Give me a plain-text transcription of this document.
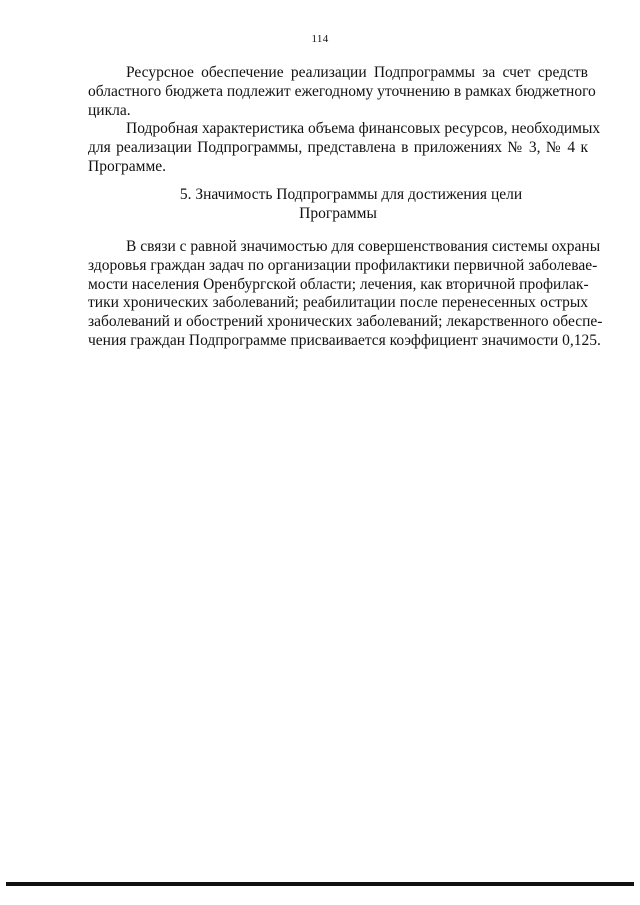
114
Ресурсное обеспечение реализации Подпрограммы за счет средств
областного бюджета подлежит ежегодному уточнению в рамках бюджетного
цикла.
Подробная характеристика объема финансовых ресурсов, необходимых
для реализации Подпрограммы, представлена в приложениях № 3, № 4 к
Программе.
5. Значимость Подпрограммы для достижения цели
Программы
В связи с равной значимостью для совершенствования системы охраны
здоровья граждан задач по организации профилактики первичной заболевае-
мости населения Оренбургской области; лечения, как вторичной профилак-
тики хронических заболеваний; реабилитации после перенесенных острых
заболеваний и обострений хронических заболеваний; лекарственного обеспе-
чения граждан Подпрограмме присваивается коэффициент значимости 0,125.
